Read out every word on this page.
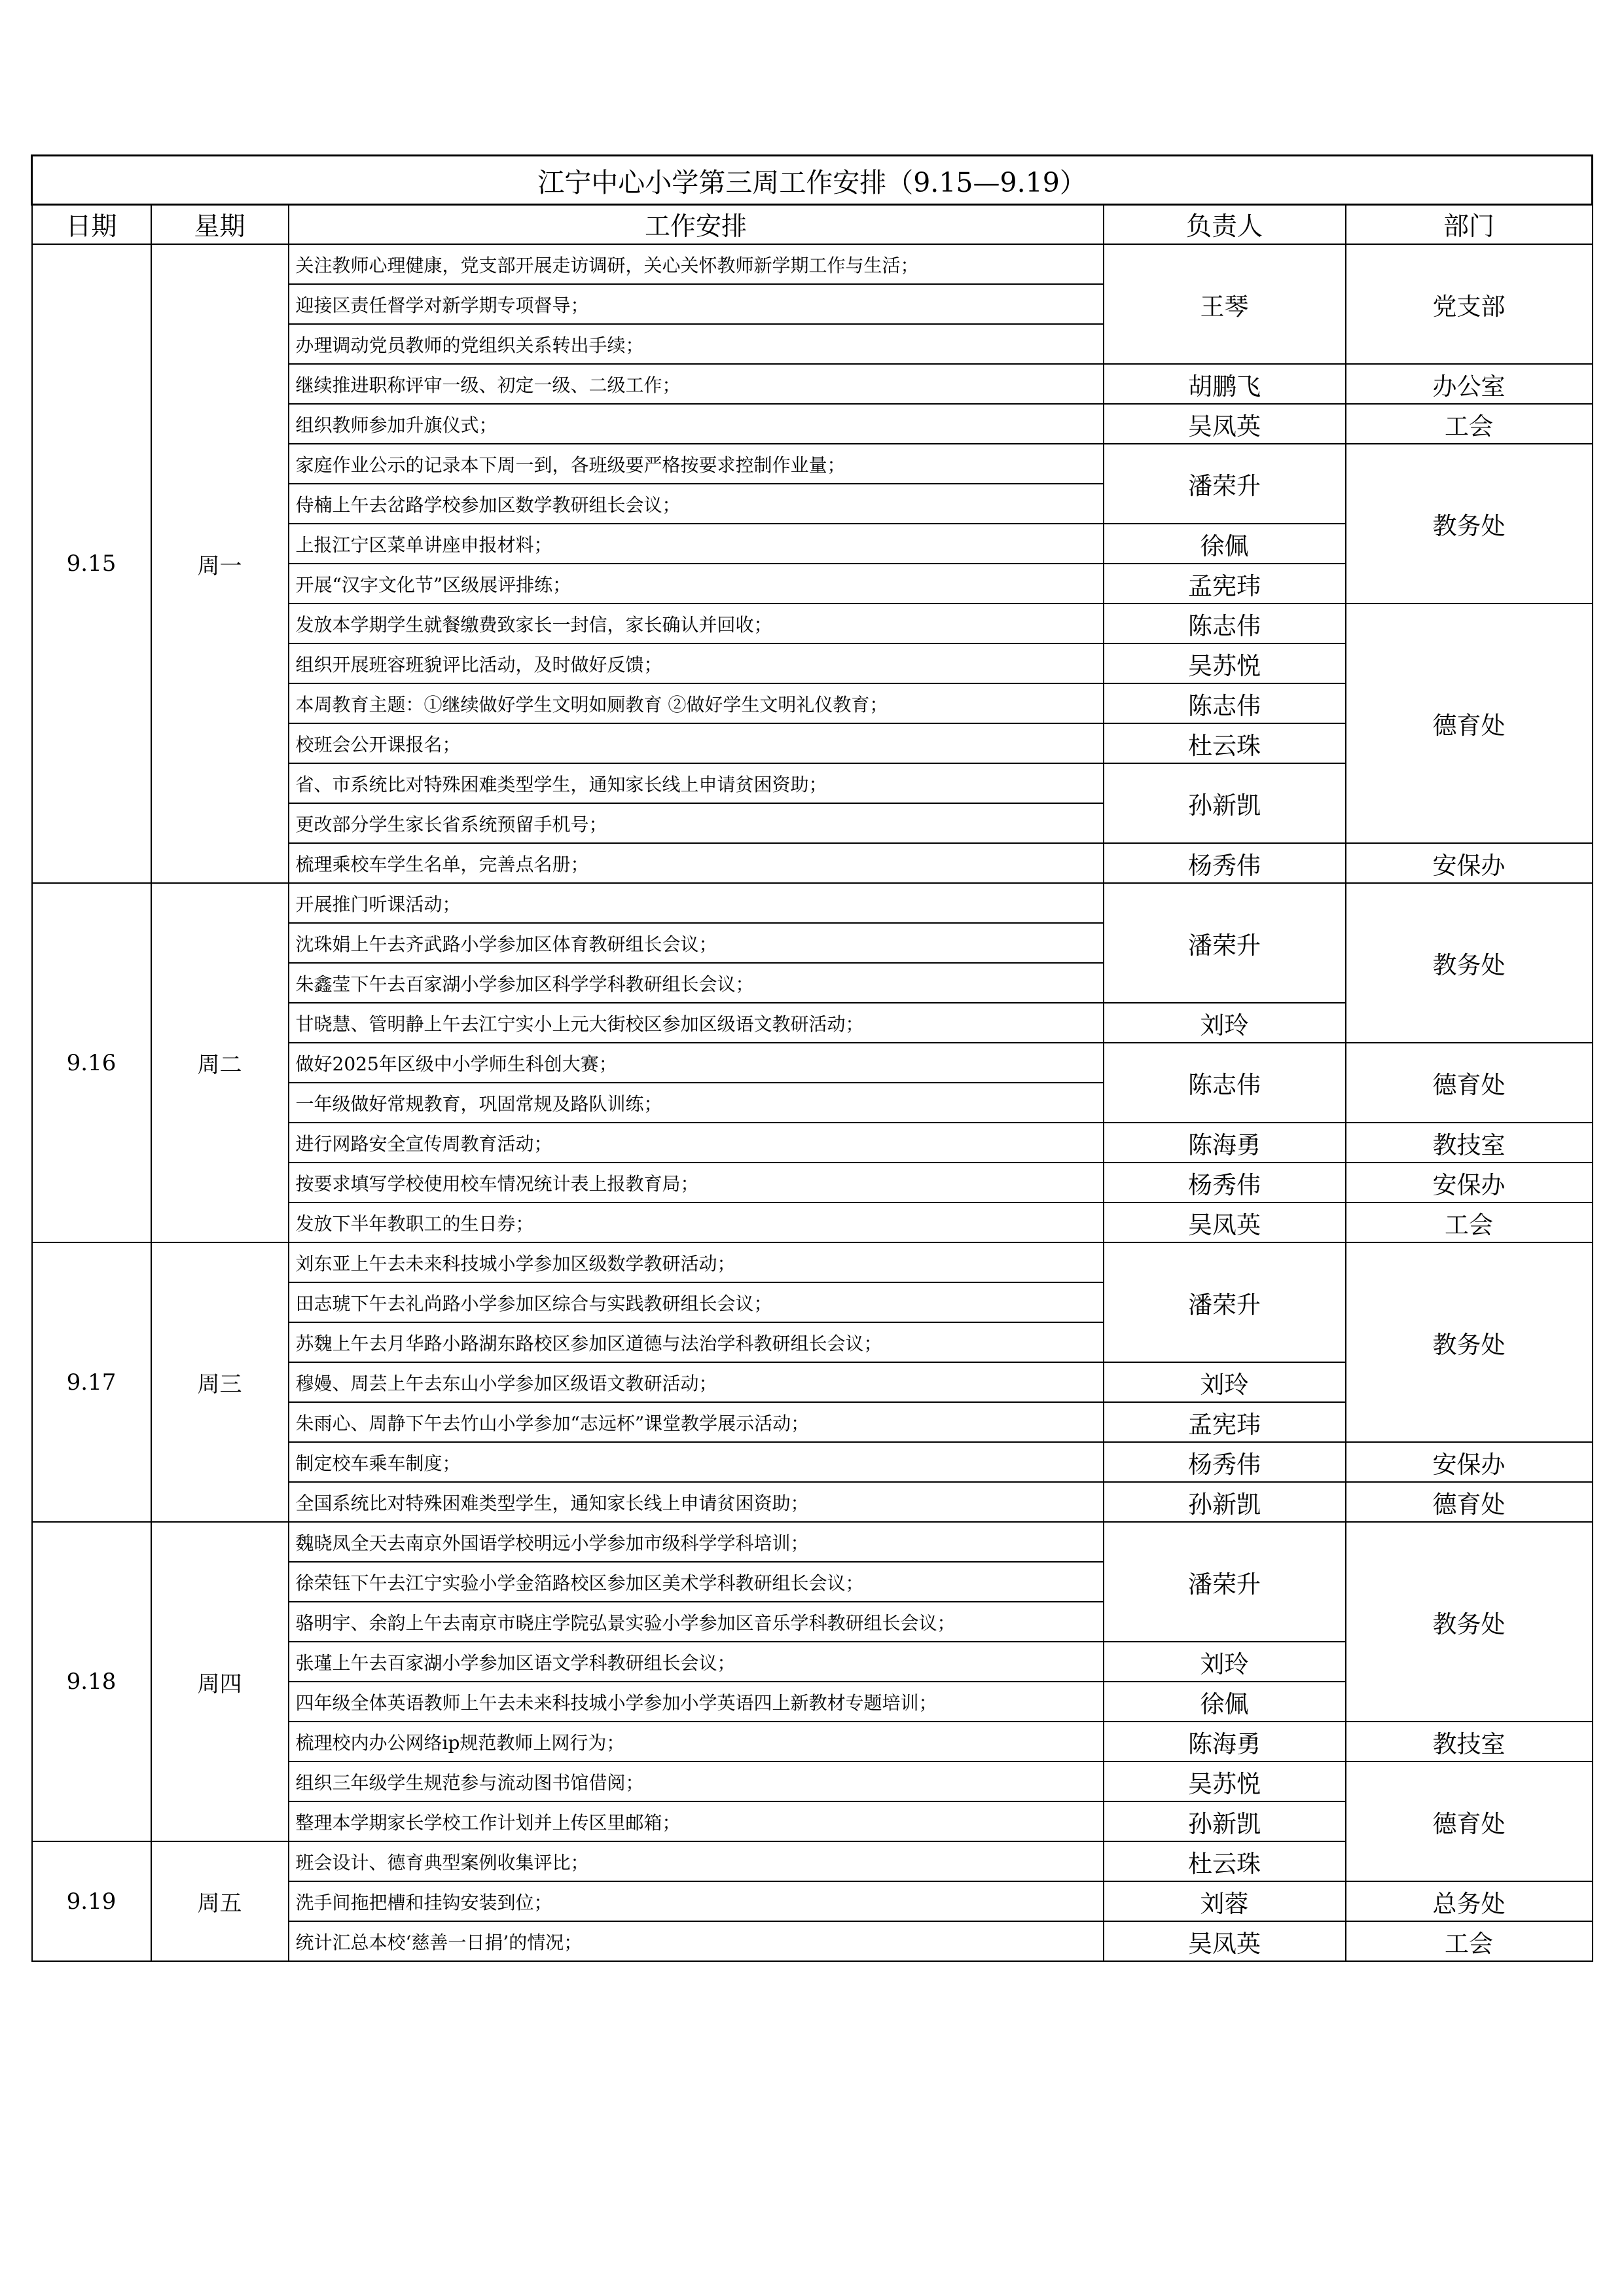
江宁中心小学第三周工作安排（9.15—9.19）				
日期	星期	工作安排	负责人	部门
9.15	周一	关注教师心理健康，党支部开展走访调研，关心关怀教师新学期工作与生活；	王琴	党支部
		迎接区责任督学对新学期专项督导；		
		办理调动党员教师的党组织关系转出手续；		
		继续推进职称评审一级、初定一级、二级工作；	胡鹏飞	办公室
		组织教师参加升旗仪式；	吴凤英	工会
		家庭作业公示的记录本下周一到，各班级要严格按要求控制作业量；	潘荣升	教务处
		侍楠上午去岔路学校参加区数学教研组长会议；		
		上报江宁区菜单讲座申报材料；	徐佩	
		开展“汉字文化节”区级展评排练；	孟宪玮	
		发放本学期学生就餐缴费致家长一封信，家长确认并回收；	陈志伟	德育处
		组织开展班容班貌评比活动，及时做好反馈；	吴苏悦	
		本周教育主题：①继续做好学生文明如厕教育 ②做好学生文明礼仪教育；	陈志伟	
		校班会公开课报名；	杜云珠	
		省、市系统比对特殊困难类型学生，通知家长线上申请贫困资助；	孙新凯	
		更改部分学生家长省系统预留手机号；		
		梳理乘校车学生名单，完善点名册；	杨秀伟	安保办
9.16	周二	开展推门听课活动；	潘荣升	教务处
		沈珠娟上午去齐武路小学参加区体育教研组长会议；		
		朱鑫莹下午去百家湖小学参加区科学学科教研组长会议；		
		甘晓慧、管明静上午去江宁实小上元大街校区参加区级语文教研活动；	刘玲	
		做好2025年区级中小学师生科创大赛；	陈志伟	德育处
		一年级做好常规教育，巩固常规及路队训练；		
		进行网路安全宣传周教育活动；	陈海勇	教技室
		按要求填写学校使用校车情况统计表上报教育局；	杨秀伟	安保办
		发放下半年教职工的生日券；	吴凤英	工会
9.17	周三	刘东亚上午去未来科技城小学参加区级数学教研活动；	潘荣升	教务处
		田志琥下午去礼尚路小学参加区综合与实践教研组长会议；		
		苏魏上午去月华路小路湖东路校区参加区道德与法治学科教研组长会议；		
		穆嫚、周芸上午去东山小学参加区级语文教研活动；	刘玲	
		朱雨心、周静下午去竹山小学参加“志远杯”课堂教学展示活动；	孟宪玮	
		制定校车乘车制度；	杨秀伟	安保办
		全国系统比对特殊困难类型学生，通知家长线上申请贫困资助；	孙新凯	德育处
9.18	周四	魏晓凤全天去南京外国语学校明远小学参加市级科学学科培训；	潘荣升	教务处
		徐荣钰下午去江宁实验小学金箔路校区参加区美术学科教研组长会议；		
		骆明宇、余韵上午去南京市晓庄学院弘景实验小学参加区音乐学科教研组长会议；		
		张瑾上午去百家湖小学参加区语文学科教研组长会议；	刘玲	
		四年级全体英语教师上午去未来科技城小学参加小学英语四上新教材专题培训；	徐佩	
		梳理校内办公网络ip规范教师上网行为；	陈海勇	教技室
		组织三年级学生规范参与流动图书馆借阅；	吴苏悦	德育处
		整理本学期家长学校工作计划并上传区里邮箱；	孙新凯	
9.19	周五	班会设计、德育典型案例收集评比；	杜云珠	
		洗手间拖把槽和挂钩安装到位；	刘蓉	总务处
		统计汇总本校‘慈善一日捐’的情况；	吴凤英	工会
